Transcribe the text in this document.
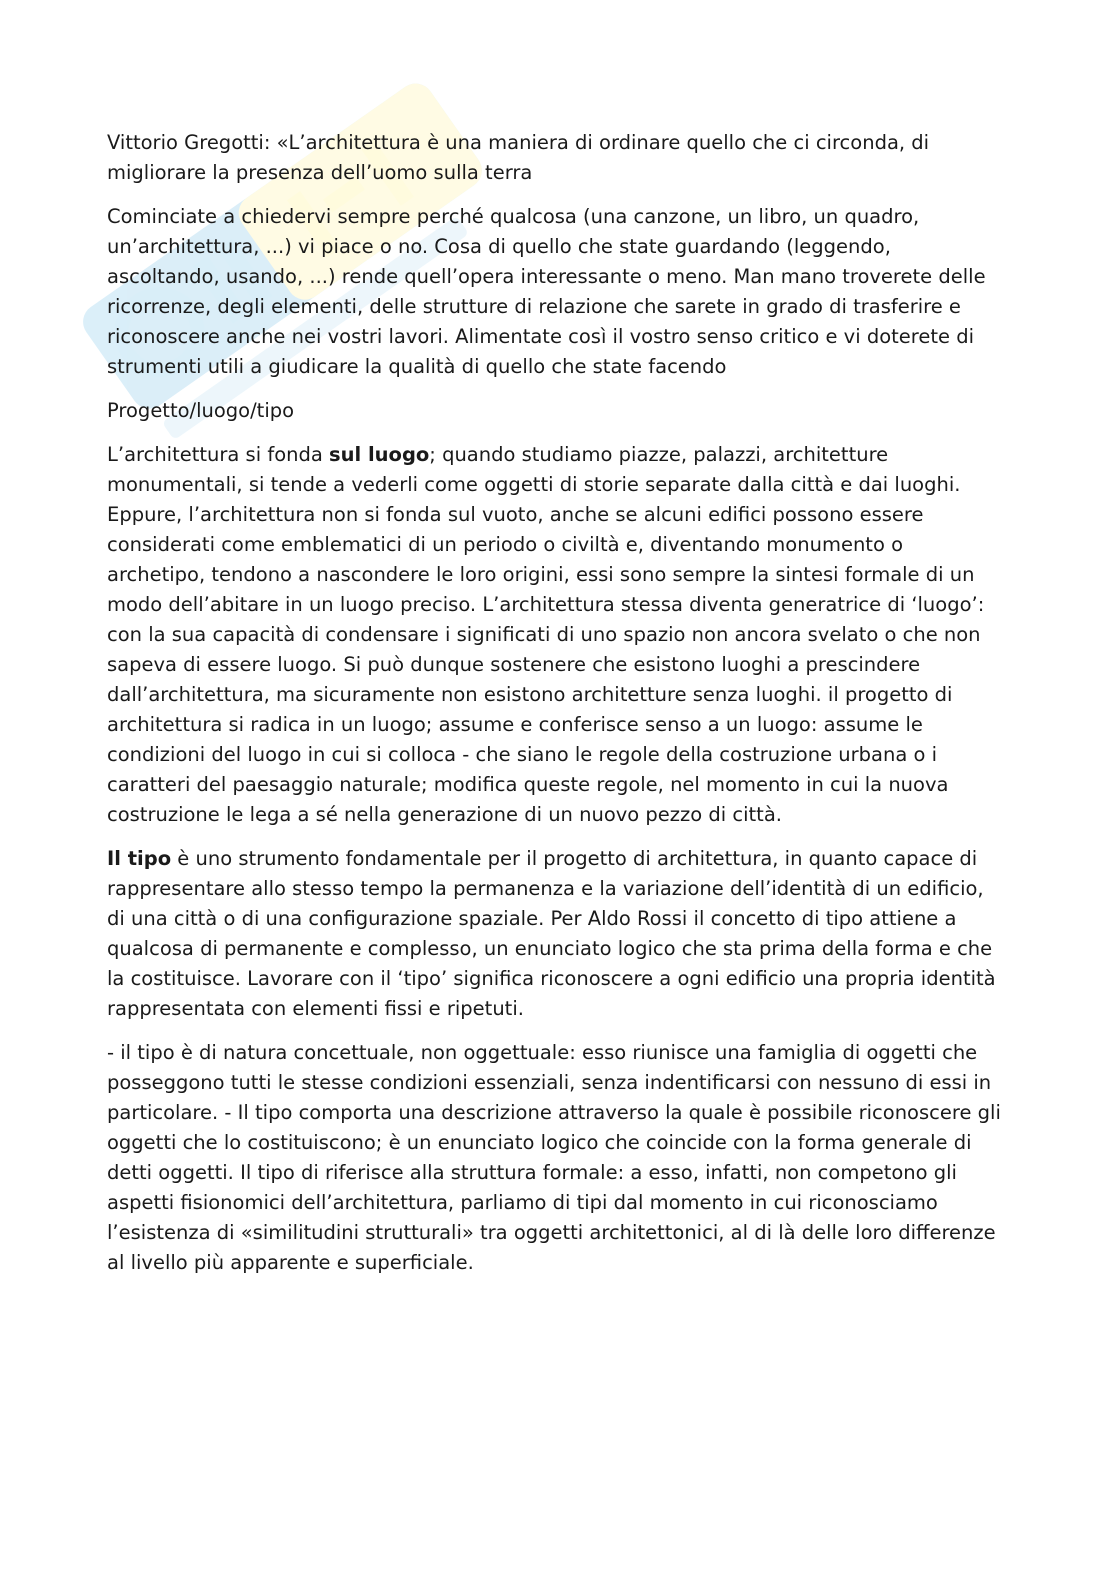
Vittorio Gregotti: «L’architettura è una maniera di ordinare quello che ci circonda, di migliorare la presenza dell’uomo sulla terra

Cominciate a chiedervi sempre perché qualcosa (una canzone, un libro, un quadro, un’architettura, ...) vi piace o no. Cosa di quello che state guardando (leggendo, ascoltando, usando, ...) rende quell’opera interessante o meno. Man mano troverete delle ricorrenze, degli elementi, delle strutture di relazione che sarete in grado di trasferire e riconoscere anche nei vostri lavori. Alimentate così il vostro senso critico e vi doterete di strumenti utili a giudicare la qualità di quello che state facendo

Progetto/luogo/tipo

L’architettura si fonda sul luogo; quando studiamo piazze, palazzi, architetture monumentali, si tende a vederli come oggetti di storie separate dalla città e dai luoghi. Eppure, l’architettura non si fonda sul vuoto, anche se alcuni edifici possono essere considerati come emblematici di un periodo o civiltà e, diventando monumento o archetipo, tendono a nascondere le loro origini, essi sono sempre la sintesi formale di un modo dell’abitare in un luogo preciso. L’architettura stessa diventa generatrice di ‘luogo’: con la sua capacità di condensare i significati di uno spazio non ancora svelato o che non sapeva di essere luogo. Si può dunque sostenere che esistono luoghi a prescindere dall’architettura, ma sicuramente non esistono architetture senza luoghi. il progetto di architettura si radica in un luogo; assume e conferisce senso a un luogo: assume le condizioni del luogo in cui si colloca - che siano le regole della costruzione urbana o i caratteri del paesaggio naturale; modifica queste regole, nel momento in cui la nuova costruzione le lega a sé nella generazione di un nuovo pezzo di città.

Il tipo è uno strumento fondamentale per il progetto di architettura, in quanto capace di rappresentare allo stesso tempo la permanenza e la variazione dell’identità di un edificio, di una città o di una configurazione spaziale. Per Aldo Rossi il concetto di tipo attiene a qualcosa di permanente e complesso, un enunciato logico che sta prima della forma e che la costituisce. Lavorare con il ‘tipo’ significa riconoscere a ogni edificio una propria identità rappresentata con elementi fissi e ripetuti.

- il tipo è di natura concettuale, non oggettuale: esso riunisce una famiglia di oggetti che posseggono tutti le stesse condizioni essenziali, senza indentificarsi con nessuno di essi in particolare. - Il tipo comporta una descrizione attraverso la quale è possibile riconoscere gli oggetti che lo costituiscono; è un enunciato logico che coincide con la forma generale di detti oggetti. Il tipo di riferisce alla struttura formale: a esso, infatti, non competono gli aspetti fisionomici dell’architettura, parliamo di tipi dal momento in cui riconosciamo l’esistenza di «similitudini strutturali» tra oggetti architettonici, al di là delle loro differenze al livello più apparente e superficiale.
